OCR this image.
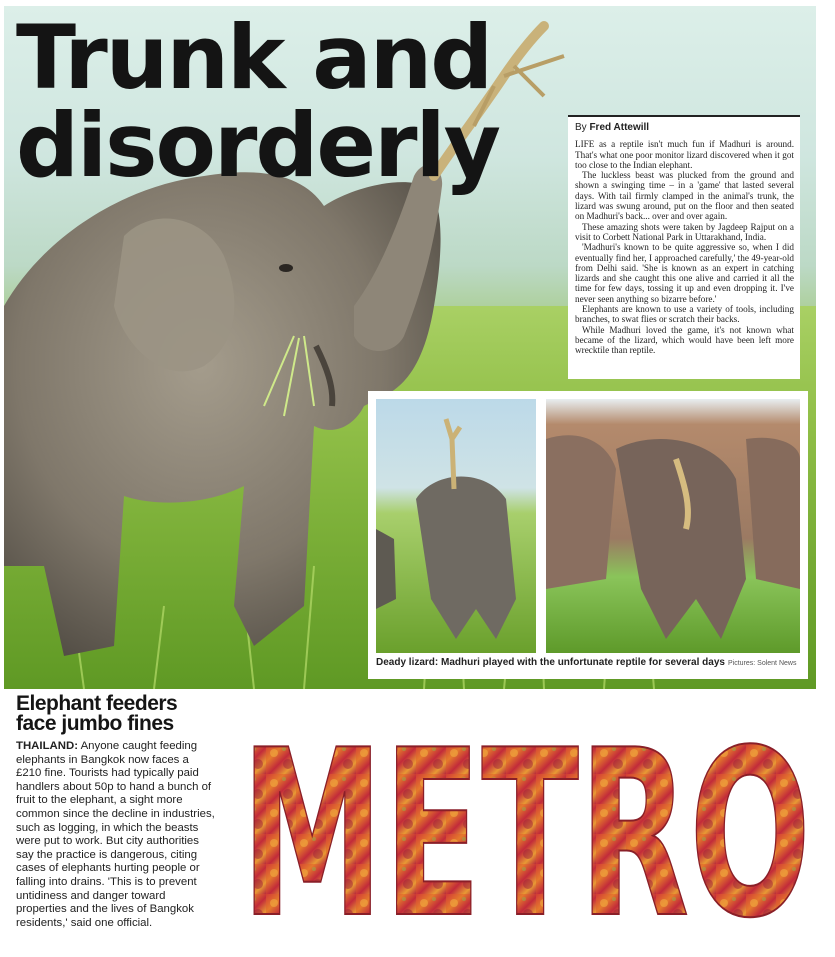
Trunk and
disorderly	By Fred Attewill

LIFE as a reptile isn't much fun if Madhuri is around. That's what one poor monitor lizard discovered when it got too close to the Indian elephant.

The luckless beast was plucked from the ground and shown a swinging time – in a 'game' that lasted several days. With tail firmly clamped in the animal's trunk, the lizard was swung around, put on the floor and then seated on Madhuri's back... over and over again.

These amazing shots were taken by Jagdeep Rajput on a visit to Corbett National Park in Uttarakhand, India.

'Madhuri's known to be quite aggressive so, when I did eventually find her, I approached carefully,' the 49-year-old from Delhi said. 'She is known as an expert in catching lizards and she caught this one alive and carried it all the time for few days, tossing it up and even dropping it. I've never seen anything so bizarre before.'

Elephants are known to use a variety of tools, including branches, to swat flies or scratch their backs.

While Madhuri loved the game, it's not known what became of the lizard, which would have been left more wrecktile than reptile.

Deady lizard: Madhuri played with the unfortunate reptile for several days Pictures: Solent News
Elephant feeders
face jumbo fines

THAILAND: Anyone caught feeding elephants in Bangkok now faces a £210 fine. Tourists had typically paid handlers about 50p to hand a bunch of fruit to the elephant, a sight more common since the decline in industries, such as logging, in which the beasts were put to work. But city authorities say the practice is dangerous, citing cases of elephants hurting people or falling into drains. 'This is to prevent untidiness and danger toward properties and the lives of Bangkok residents,' said one official. METRO
